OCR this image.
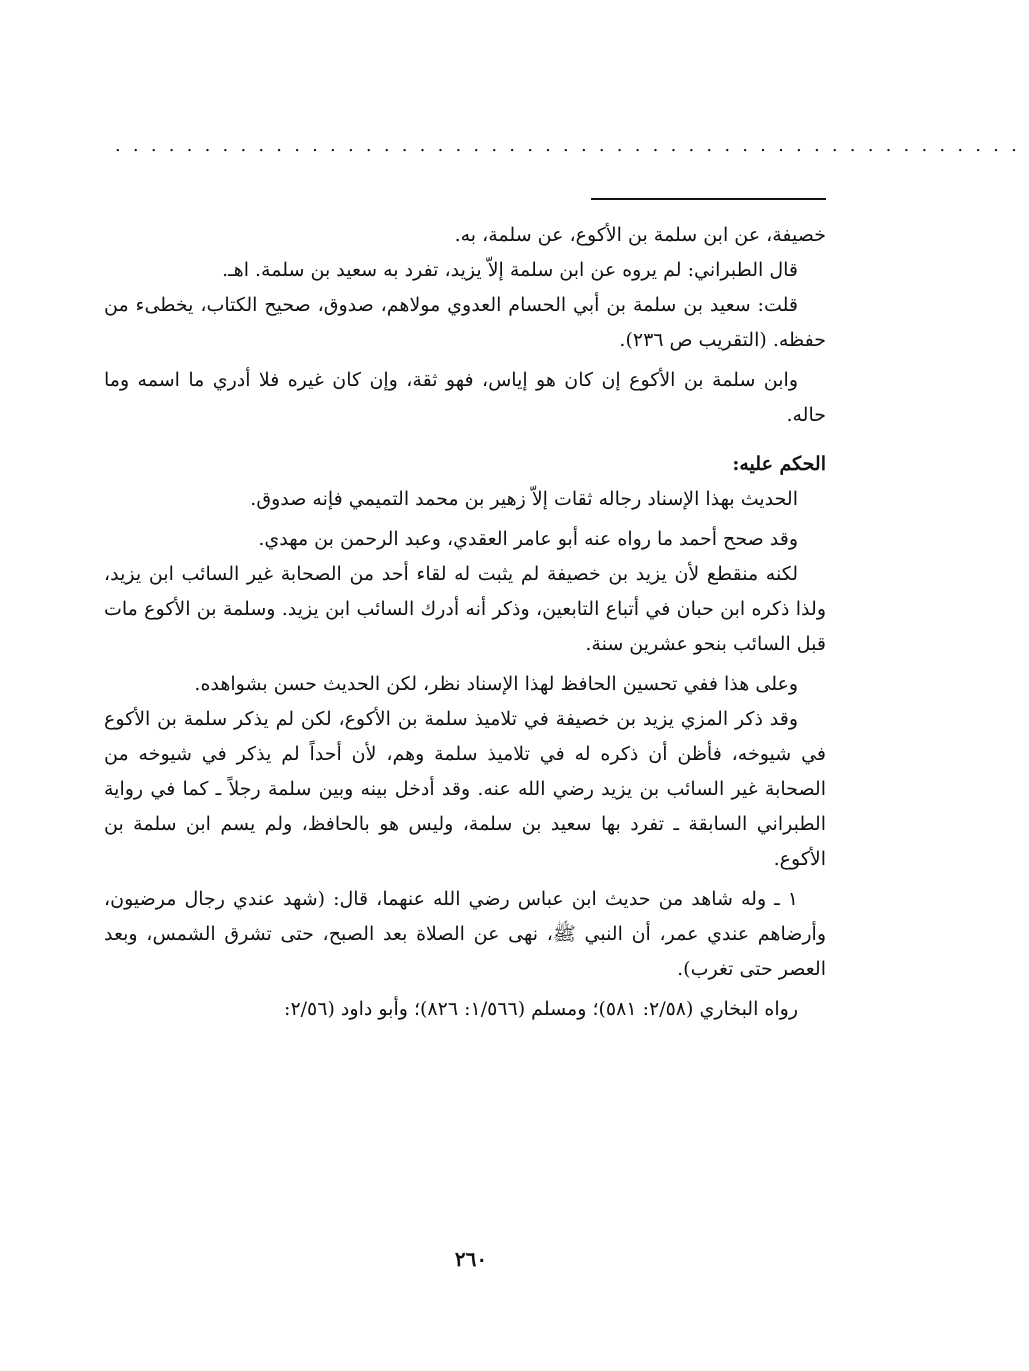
...................................................

خصيفة، عن ابن سلمة بن الأكوع، عن سلمة، به.

قال الطبراني: لم يروه عن ابن سلمة إلاّ يزيد، تفرد به سعيد بن سلمة. اهـ.

قلت: سعيد بن سلمة بن أبي الحسام العدوي مولاهم، صدوق، صحيح الكتاب، يخطىء من حفظه. (التقريب ص ٢٣٦).

وابن سلمة بن الأكوع إن كان هو إياس، فهو ثقة، وإن كان غيره فلا أدري ما اسمه وما حاله.

الحكم عليه:

الحديث بهذا الإسناد رجاله ثقات إلاّ زهير بن محمد التميمي فإنه صدوق.

وقد صحح أحمد ما رواه عنه أبو عامر العقدي، وعبد الرحمن بن مهدي.

لكنه منقطع لأن يزيد بن خصيفة لم يثبت له لقاء أحد من الصحابة غير السائب ابن يزيد، ولذا ذكره ابن حبان في أتباع التابعين، وذكر أنه أدرك السائب ابن يزيد. وسلمة بن الأكوع مات قبل السائب بنحو عشرين سنة.

وعلى هذا ففي تحسين الحافظ لهذا الإسناد نظر، لكن الحديث حسن بشواهده.

وقد ذكر المزي يزيد بن خصيفة في تلاميذ سلمة بن الأكوع، لكن لم يذكر سلمة بن الأكوع في شيوخه، فأظن أن ذكره له في تلاميذ سلمة وهم، لأن أحداً لم يذكر في شيوخه من الصحابة غير السائب بن يزيد رضي الله عنه. وقد أدخل بينه وبين سلمة رجلاً ـ كما في رواية الطبراني السابقة ـ تفرد بها سعيد بن سلمة، وليس هو بالحافظ، ولم يسم ابن سلمة بن الأكوع.

١ ـ وله شاهد من حديث ابن عباس رضي الله عنهما، قال: (شهد عندي رجال مرضيون، وأرضاهم عندي عمر، أن النبي ﷺ، نهى عن الصلاة بعد الصبح، حتى تشرق الشمس، وبعد العصر حتى تغرب).

رواه البخاري (٢/٥٨: ٥٨١)؛ ومسلم (١/٥٦٦: ٨٢٦)؛ وأبو داود (٢/٥٦:

٢٦٠
